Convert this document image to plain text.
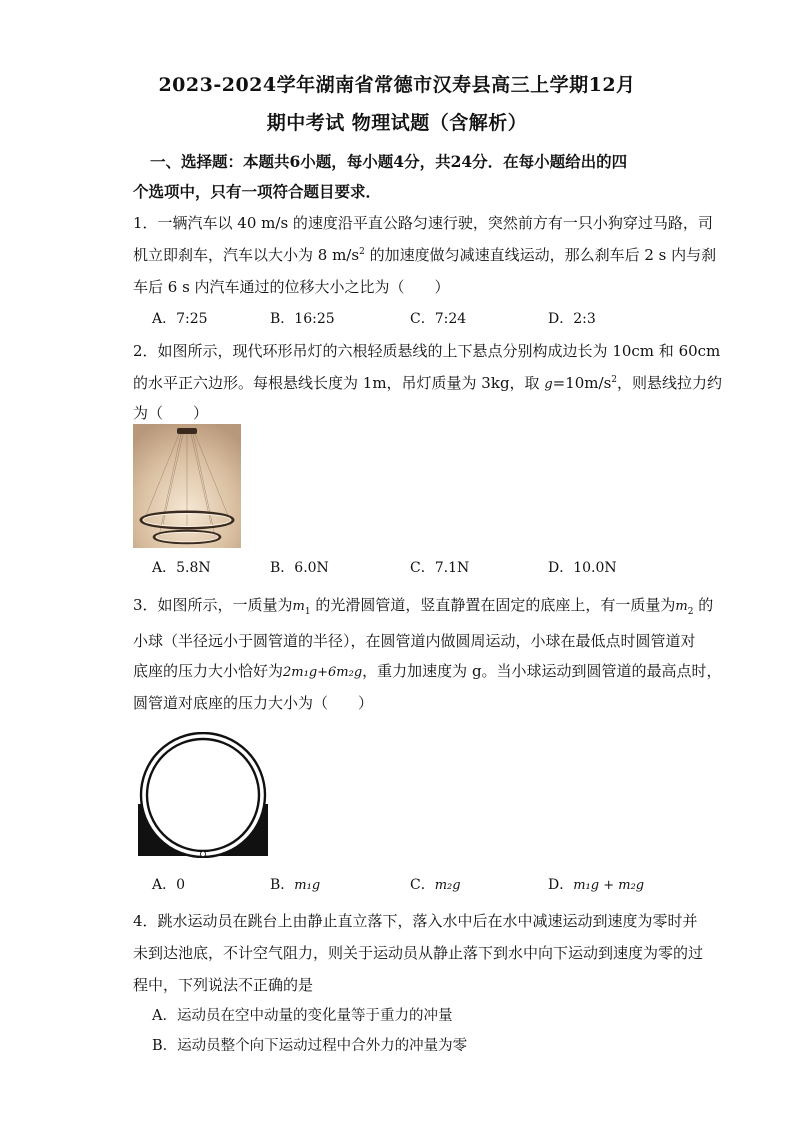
2023-2024学年湖南省常德市汉寿县高三上学期12月
期中考试 物理试题（含解析）
一、选择题：本题共6小题，每小题4分，共24分．在每小题给出的四
个选项中，只有一项符合题目要求．
1．一辆汽车以 40 m/s 的速度沿平直公路匀速行驶，突然前方有一只小狗穿过马路，司
机立即刹车，汽车以大小为 8 $m/s^2$ 的加速度做匀减速直线运动，那么刹车后 2 s 内与刹
车后 6 s 内汽车通过的位移大小之比为（　　）
A．7:25	B．16:25	C．7:24	D．2:3
2．如图所示，现代环形吊灯的六根轻质悬线的上下悬点分别构成边长为 10cm 和 60cm
的水平正六边形。每根悬线长度为 1m，吊灯质量为 3kg，取 $g=10m/s^2$，则悬线拉力约
为（　　）
A．5.8N	B．6.0N	C．7.1N	D．10.0N
3．如图所示，一质量为$m_1$ 的光滑圆管道，竖直静置在固定的底座上，有一质量为$m_2$ 的
小球（半径远小于圆管道的半径），在圆管道内做圆周运动，小球在最低点时圆管道对
底座的压力大小恰好为2m₁g+6m₂g，重力加速度为 g。当小球运动到圆管道的最高点时，
圆管道对底座的压力大小为（　　）
A．0	B．m₁g	C．m₂g	D．m₁g + m₂g
4．跳水运动员在跳台上由静止直立落下，落入水中后在水中减速运动到速度为零时并
未到达池底，不计空气阻力，则关于运动员从静止落下到水中向下运动到速度为零的过
程中，下列说法不正确的是
A．运动员在空中动量的变化量等于重力的冲量
B．运动员整个向下运动过程中合外力的冲量为零
